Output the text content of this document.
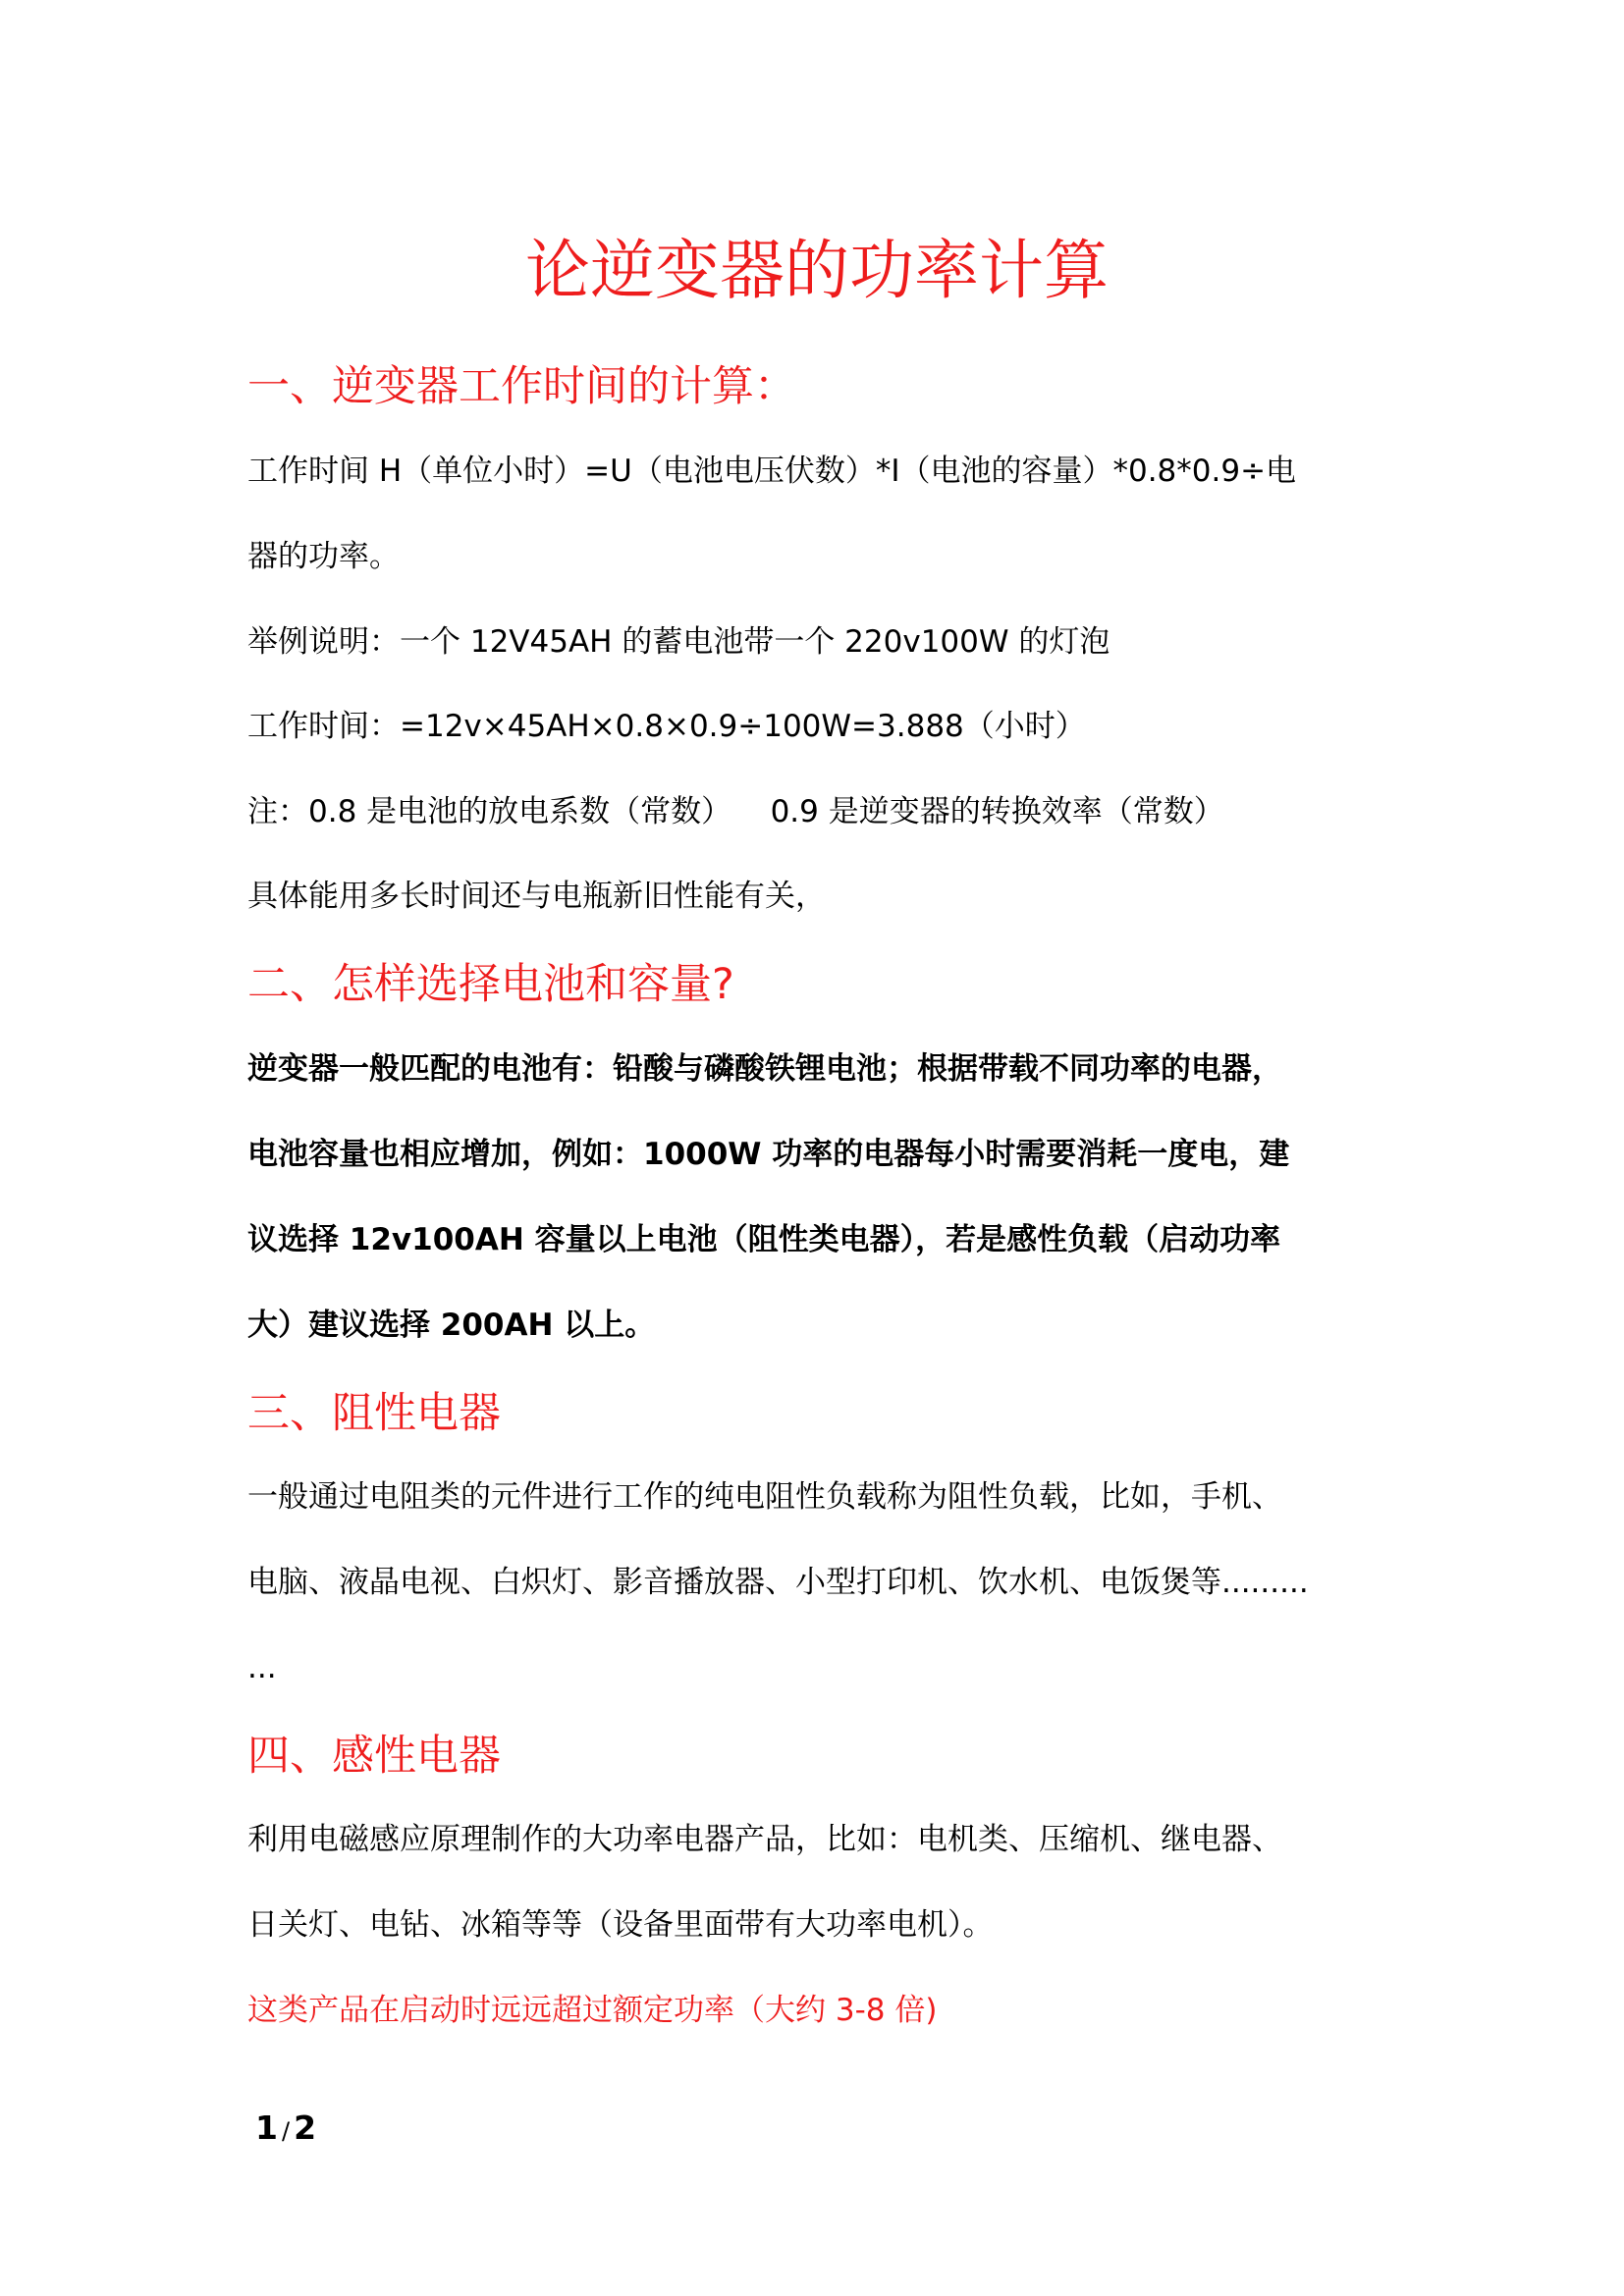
论逆变器的功率计算
一、逆变器工作时间的计算：

工作时间 H（单位小时）=U（电池电压伏数）*I（电池的容量）*0.8*0.9÷电

器的功率。

举例说明：一个 12V45AH 的蓄电池带一个 220v100W 的灯泡

工作时间：=12v×45AH×0.8×0.9÷100W=3.888（小时）

注：0.8 是电池的放电系数（常数）    0.9 是逆变器的转换效率（常数）

具体能用多长时间还与电瓶新旧性能有关，

二、怎样选择电池和容量?

逆变器一般匹配的电池有：铅酸与磷酸铁锂电池；根据带载不同功率的电器，

电池容量也相应增加，例如：1000W 功率的电器每小时需要消耗一度电，建

议选择 12v100AH 容量以上电池（阻性类电器），若是感性负载（启动功率

大）建议选择 200AH 以上。

三、阻性电器

一般通过电阻类的元件进行工作的纯电阻性负载称为阻性负载，比如，手机、

电脑、液晶电视、白炽灯、影音播放器、小型打印机、饮水机、电饭煲等.........

...

四、感性电器

利用电磁感应原理制作的大功率电器产品，比如：电机类、压缩机、继电器、

日关灯、电钻、冰箱等等（设备里面带有大功率电机）。

这类产品在启动时远远超过额定功率（大约 3-8 倍)

1 / 2
